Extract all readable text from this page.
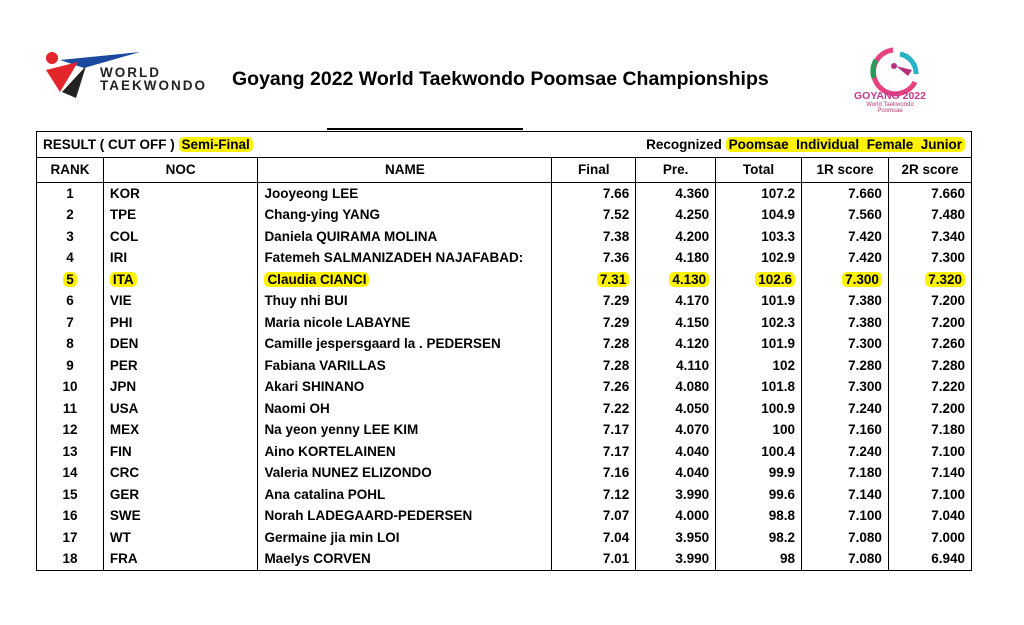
WORLD
TAEKWONDO Goyang 2022 World Taekwondo Poomsae Championships
GOYANG 2022
World Taekwondo
Poomsae
RESULT ( CUT OFF ) Semi-Final			Recognized Poomsae Individual Female Junior				
RANK	NOC	NAME	Final	Pre.	Total	1R score	2R score
1	KOR	Jooyeong LEE	7.66	4.360	107.2	7.660	7.660
2	TPE	Chang-ying YANG	7.52	4.250	104.9	7.560	7.480
3	COL	Daniela QUIRAMA MOLINA	7.38	4.200	103.3	7.420	7.340
4	IRI	Fatemeh SALMANIZADEH NAJAFABAD:	7.36	4.180	102.9	7.420	7.300
5	ITA	Claudia CIANCI	7.31	4.130	102.6	7.300	7.320
6	VIE	Thuy nhi BUI	7.29	4.170	101.9	7.380	7.200
7	PHI	Maria nicole LABAYNE	7.29	4.150	102.3	7.380	7.200
8	DEN	Camille jespersgaard la . PEDERSEN	7.28	4.120	101.9	7.300	7.260
9	PER	Fabiana VARILLAS	7.28	4.110	102	7.280	7.280
10	JPN	Akari SHINANO	7.26	4.080	101.8	7.300	7.220
11	USA	Naomi OH	7.22	4.050	100.9	7.240	7.200
12	MEX	Na yeon yenny LEE KIM	7.17	4.070	100	7.160	7.180
13	FIN	Aino KORTELAINEN	7.17	4.040	100.4	7.240	7.100
14	CRC	Valeria NUNEZ ELIZONDO	7.16	4.040	99.9	7.180	7.140
15	GER	Ana catalina POHL	7.12	3.990	99.6	7.140	7.100
16	SWE	Norah LADEGAARD-PEDERSEN	7.07	4.000	98.8	7.100	7.040
17	WT	Germaine jia min LOI	7.04	3.950	98.2	7.080	7.000
18	FRA	Maelys CORVEN	7.01	3.990	98	7.080	6.940
